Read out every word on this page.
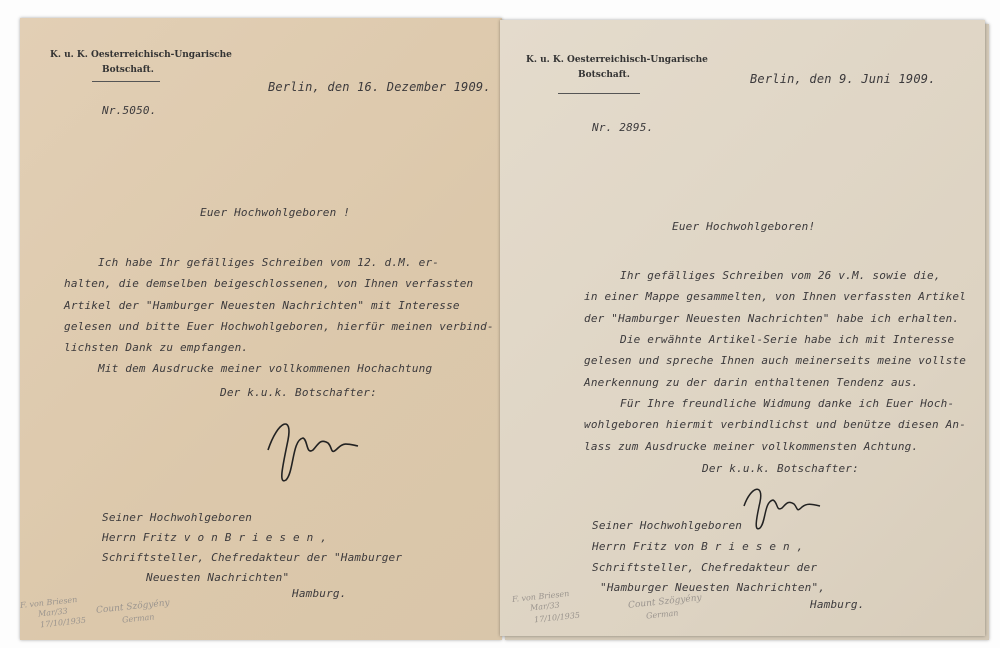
K. u. K. Oesterreichisch-Ungarische
Botschaft.
Berlin, den 16. Dezember 1909.
Nr.5050.
Euer Hochwohlgeboren !
Ich habe Ihr gefälliges Schreiben vom 12. d.M. er-
halten, die demselben beigeschlossenen, von Ihnen verfassten
Artikel der "Hamburger Neuesten Nachrichten" mit Interesse
gelesen und bitte Euer Hochwohlgeboren, hierfür meinen verbind-
lichsten Dank zu empfangen.
Mit dem Ausdrucke meiner vollkommenen Hochachtung
Der k.u.k. Botschafter:
Seiner Hochwohlgeboren
Herrn Fritz v o n B r i e s e n ,
Schriftsteller, Chefredakteur der "Hamburger
Neuesten Nachrichten"
Hamburg.
F. von Briesen
Mar/33
17/10/1935
Count Szögyény
German
K. u. K. Oesterreichisch-Ungarische
Botschaft.	Berlin, den 9. Juni 1909.
Nr. 2895.
Euer Hochwohlgeboren!
Ihr gefälliges Schreiben vom 26 v.M. sowie die,
in einer Mappe gesammelten, von Ihnen verfassten Artikel
der "Hamburger Neuesten Nachrichten" habe ich erhalten.
Die erwähnte Artikel-Serie habe ich mit Interesse
gelesen und spreche Ihnen auch meinerseits meine vollste
Anerkennung zu der darin enthaltenen Tendenz aus.
Für Ihre freundliche Widmung danke ich Euer Hoch-
wohlgeboren hiermit verbindlichst und benütze diesen An-
lass zum Ausdrucke meiner vollkommensten Achtung.
Der k.u.k. Botschafter:
Seiner Hochwohlgeboren
Herrn Fritz von B r i e s e n ,
Schriftsteller, Chefredakteur der
"Hamburger Neuesten Nachrichten",
Hamburg.
F. von Briesen
Mar/33
17/10/1935
Count Szögyény
German
